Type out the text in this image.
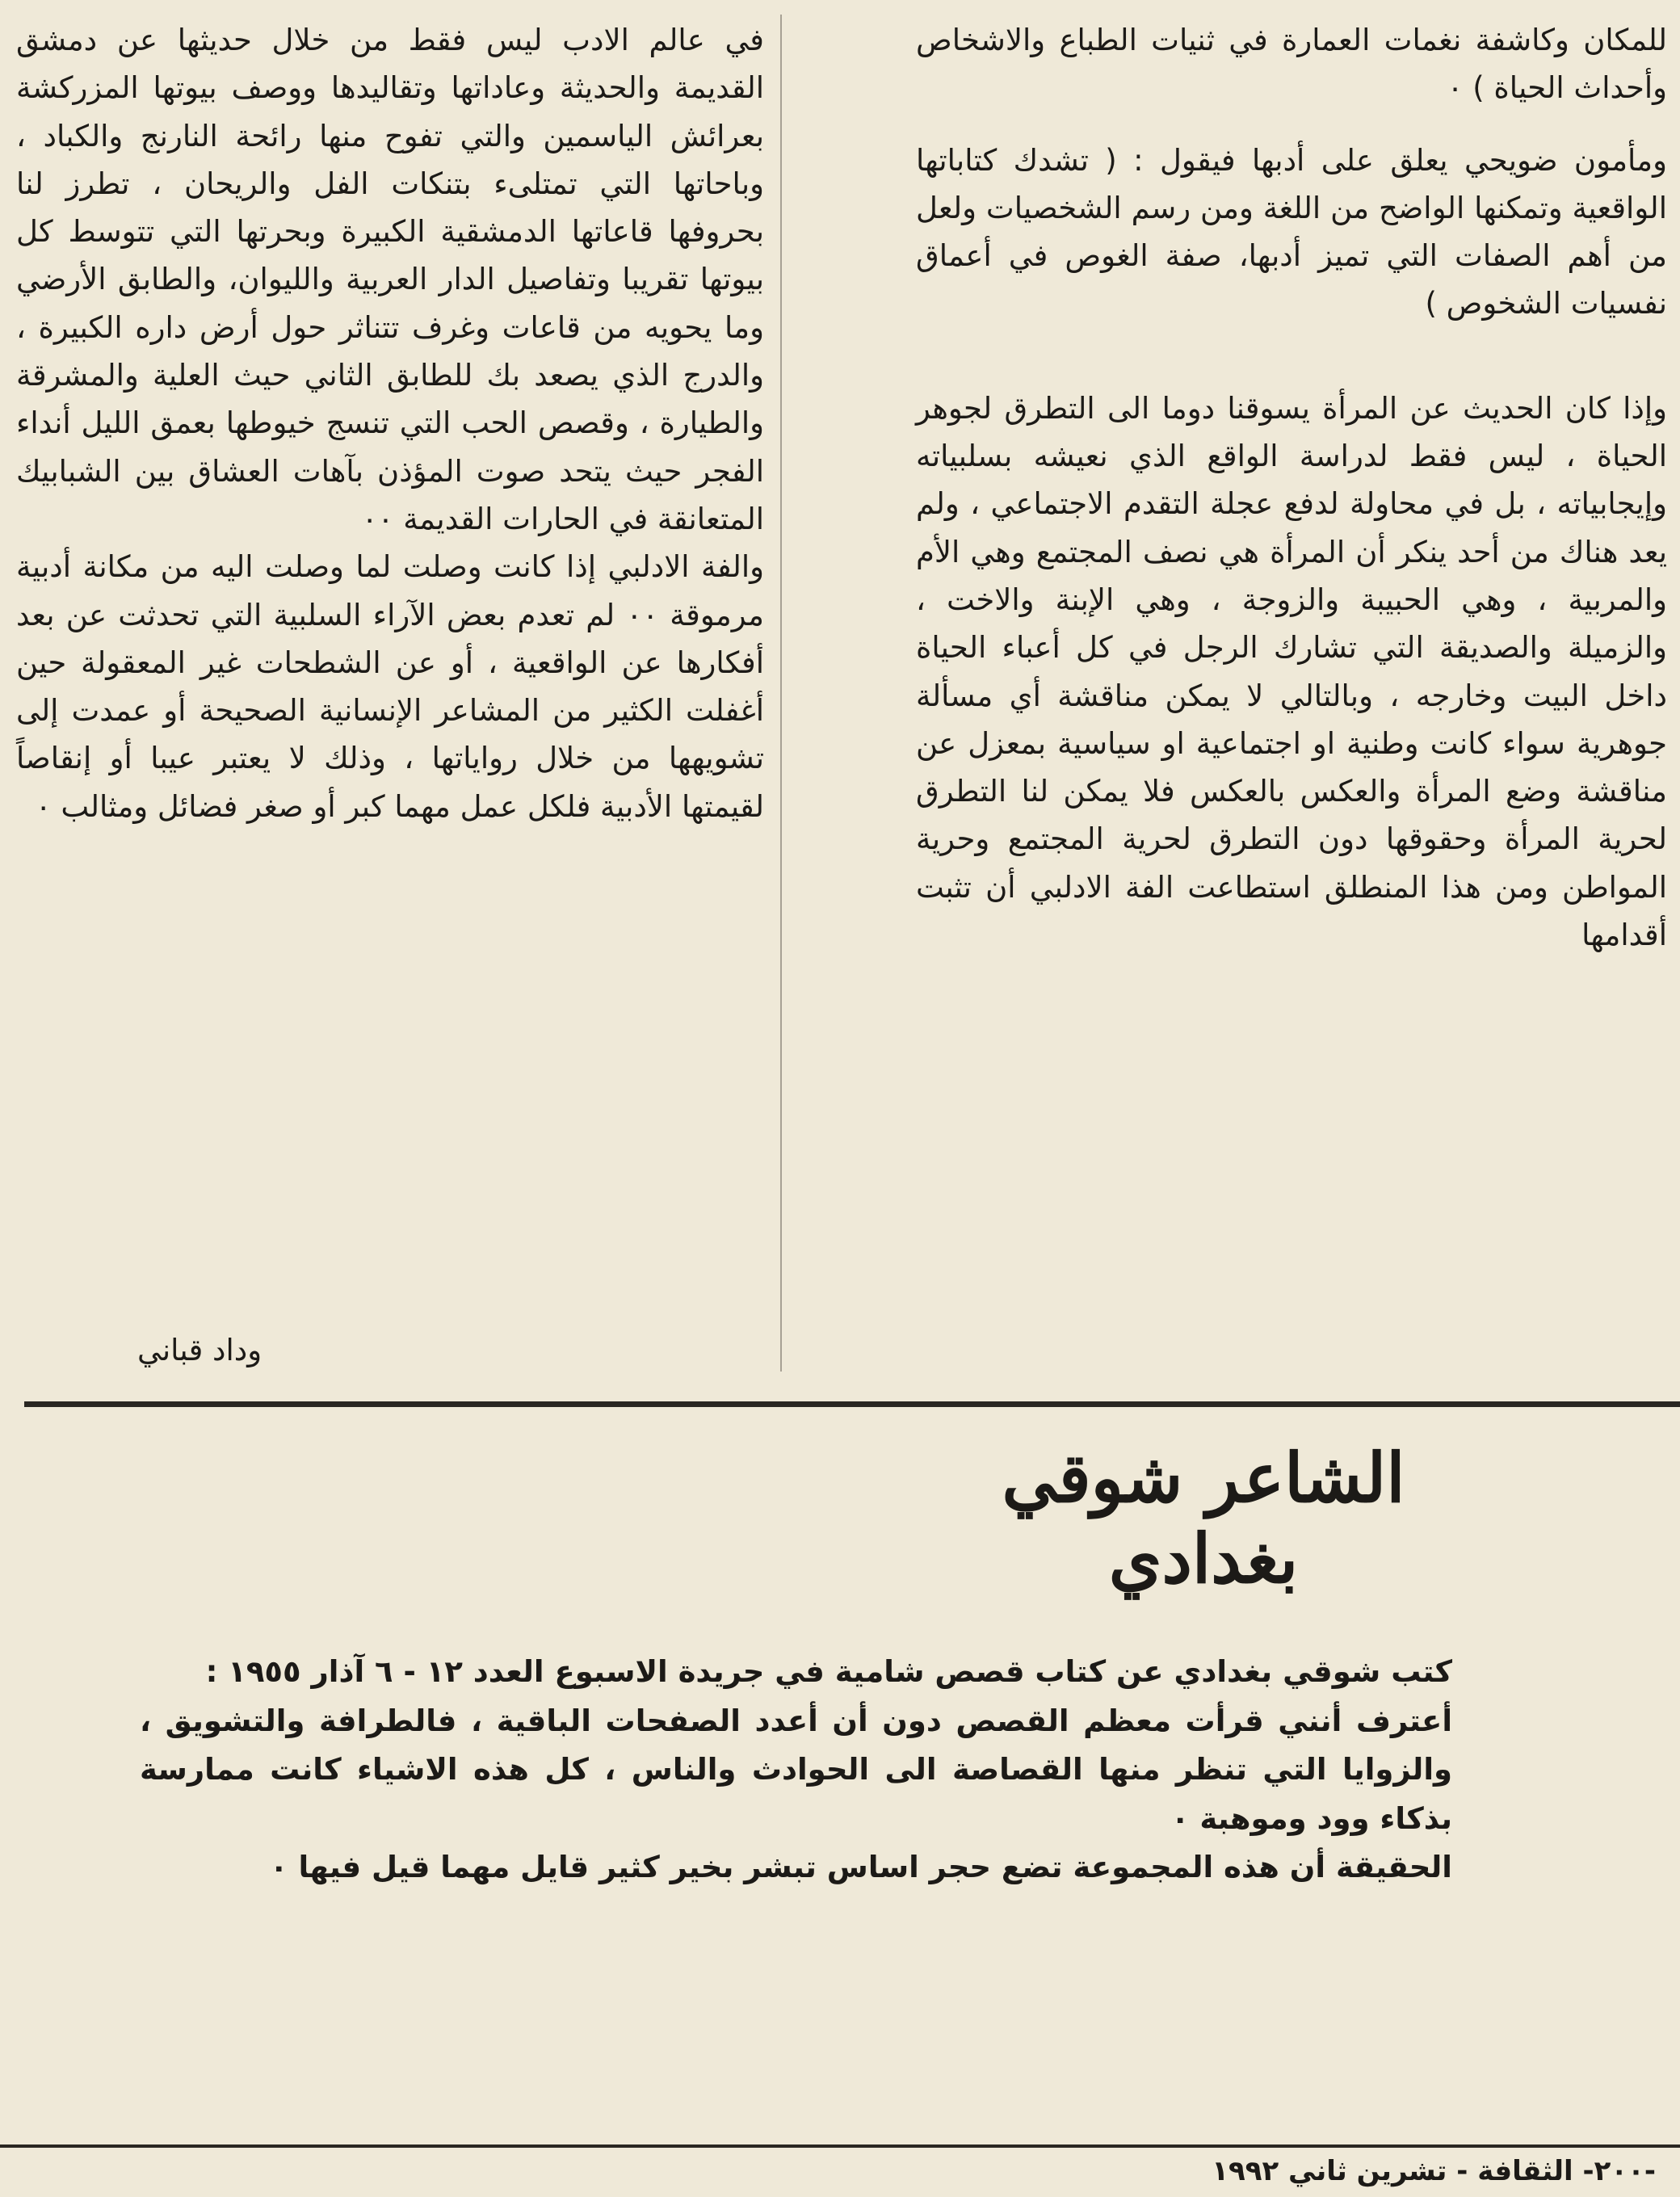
للمكان وكاشفة نغمات العمارة في ثنيات الطباع والاشخاص وأحداث الحياة ) ٠

ومأمون ضويحي يعلق على أدبها فيقول : ( تشدك كتاباتها الواقعية وتمكنها الواضح من اللغة ومن رسم الشخصيات ولعل من أهم الصفات التي تميز أدبها، صفة الغوص في أعماق نفسيات الشخوص )

وإذا كان الحديث عن المرأة يسوقنا دوما الى التطرق لجوهر الحياة ، ليس فقط لدراسة الواقع الذي نعيشه بسلبياته وإيجابياته ، بل في محاولة لدفع عجلة التقدم الاجتماعي ، ولم يعد هناك من أحد ينكر أن المرأة هي نصف المجتمع وهي الأم والمربية ، وهي الحبيبة والزوجة ، وهي الإبنة والاخت ، والزميلة والصديقة التي تشارك الرجل في كل أعباء الحياة داخل البيت وخارجه ، وبالتالي لا يمكن مناقشة أي مسألة جوهرية سواء كانت وطنية او اجتماعية او سياسية بمعزل عن مناقشة وضع المرأة والعكس بالعكس فلا يمكن لنا التطرق لحرية المرأة وحقوقها دون التطرق لحرية المجتمع وحرية المواطن ومن هذا المنطلق استطاعت الفة الادلبي أن تثبت أقدامها

في عالم الادب ليس فقط من خلال حديثها عن دمشق القديمة والحديثة وعاداتها وتقاليدها ووصف بيوتها المزركشة بعرائش الياسمين والتي تفوح منها رائحة النارنج والكباد ، وباحاتها التي تمتلىء بتنكات الفل والريحان ، تطرز لنا بحروفها قاعاتها الدمشقية الكبيرة وبحرتها التي تتوسط كل بيوتها تقريبا وتفاصيل الدار العربية والليوان، والطابق الأرضي وما يحويه من قاعات وغرف تتناثر حول أرض داره الكبيرة ، والدرج الذي يصعد بك للطابق الثاني حيث العلية والمشرقة والطيارة ، وقصص الحب التي تنسج خيوطها بعمق الليل أنداء الفجر حيث يتحد صوت المؤذن بآهات العشاق بين الشبابيك المتعانقة في الحارات القديمة ٠٠

والفة الادلبي إذا كانت وصلت لما وصلت اليه من مكانة أدبية مرموقة ٠٠ لم تعدم بعض الآراء السلبية التي تحدثت عن بعد أفكارها عن الواقعية ، أو عن الشطحات غير المعقولة حين أغفلت الكثير من المشاعر الإنسانية الصحيحة أو عمدت إلى تشويهها من خلال رواياتها ، وذلك لا يعتبر عيبا أو إنقاصاً لقيمتها الأدبية فلكل عمل مهما كبر أو صغر فضائل ومثالب ٠

وداد قباني
الشاعر شوقي بغدادي

كتب شوقي بغدادي عن كتاب قصص شامية في جريدة الاسبوع العدد ١٢ - ٦ آذار ١٩٥٥ :

أعترف أنني قرأت معظم القصص دون أن أعدد الصفحات الباقية ، فالطرافة والتشويق ، والزوايا التي تنظر منها القصاصة الى الحوادث والناس ، كل هذه الاشياء كانت ممارسة بذكاء وود وموهبة ٠

الحقيقة أن هذه المجموعة تضع حجر اساس تبشر بخير كثير قايل مهما قيل فيها ٠

-٢٠٠- الثقافة - تشرين ثاني ١٩٩٢
